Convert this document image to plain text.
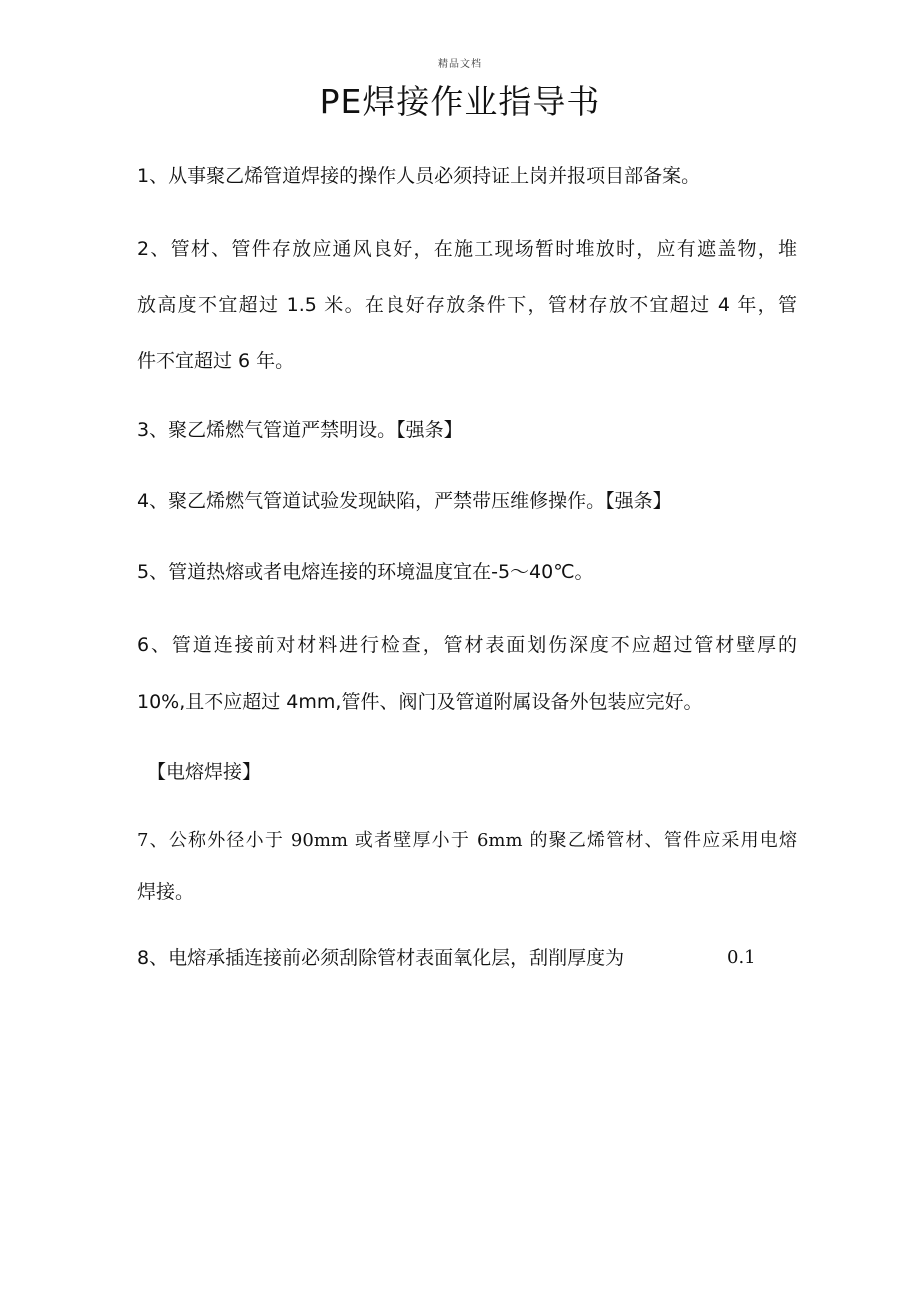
精品文档
PE焊接作业指导书
1、从事聚乙烯管道焊接的操作人员必须持证上岗并报项目部备案。
2、管材、管件存放应通风良好，在施工现场暂时堆放时，应有遮盖物，堆
放高度不宜超过 1.5 米。在良好存放条件下，管材存放不宜超过 4 年，管
件不宜超过 6 年。
3、聚乙烯燃气管道严禁明设。【强条】
4、聚乙烯燃气管道试验发现缺陷，严禁带压维修操作。【强条】
5、管道热熔或者电熔连接的环境温度宜在-5～40℃。
6、管道连接前对材料进行检查，管材表面划伤深度不应超过管材壁厚的
10%,且不应超过 4mm,管件、阀门及管道附属设备外包装应完好。
【电熔焊接】
7、公称外径小于 90mm 或者壁厚小于 6mm 的聚乙烯管材、管件应采用电熔
焊接。
8、电熔承插连接前必须刮除管材表面氧化层，刮削厚度为	0.1
